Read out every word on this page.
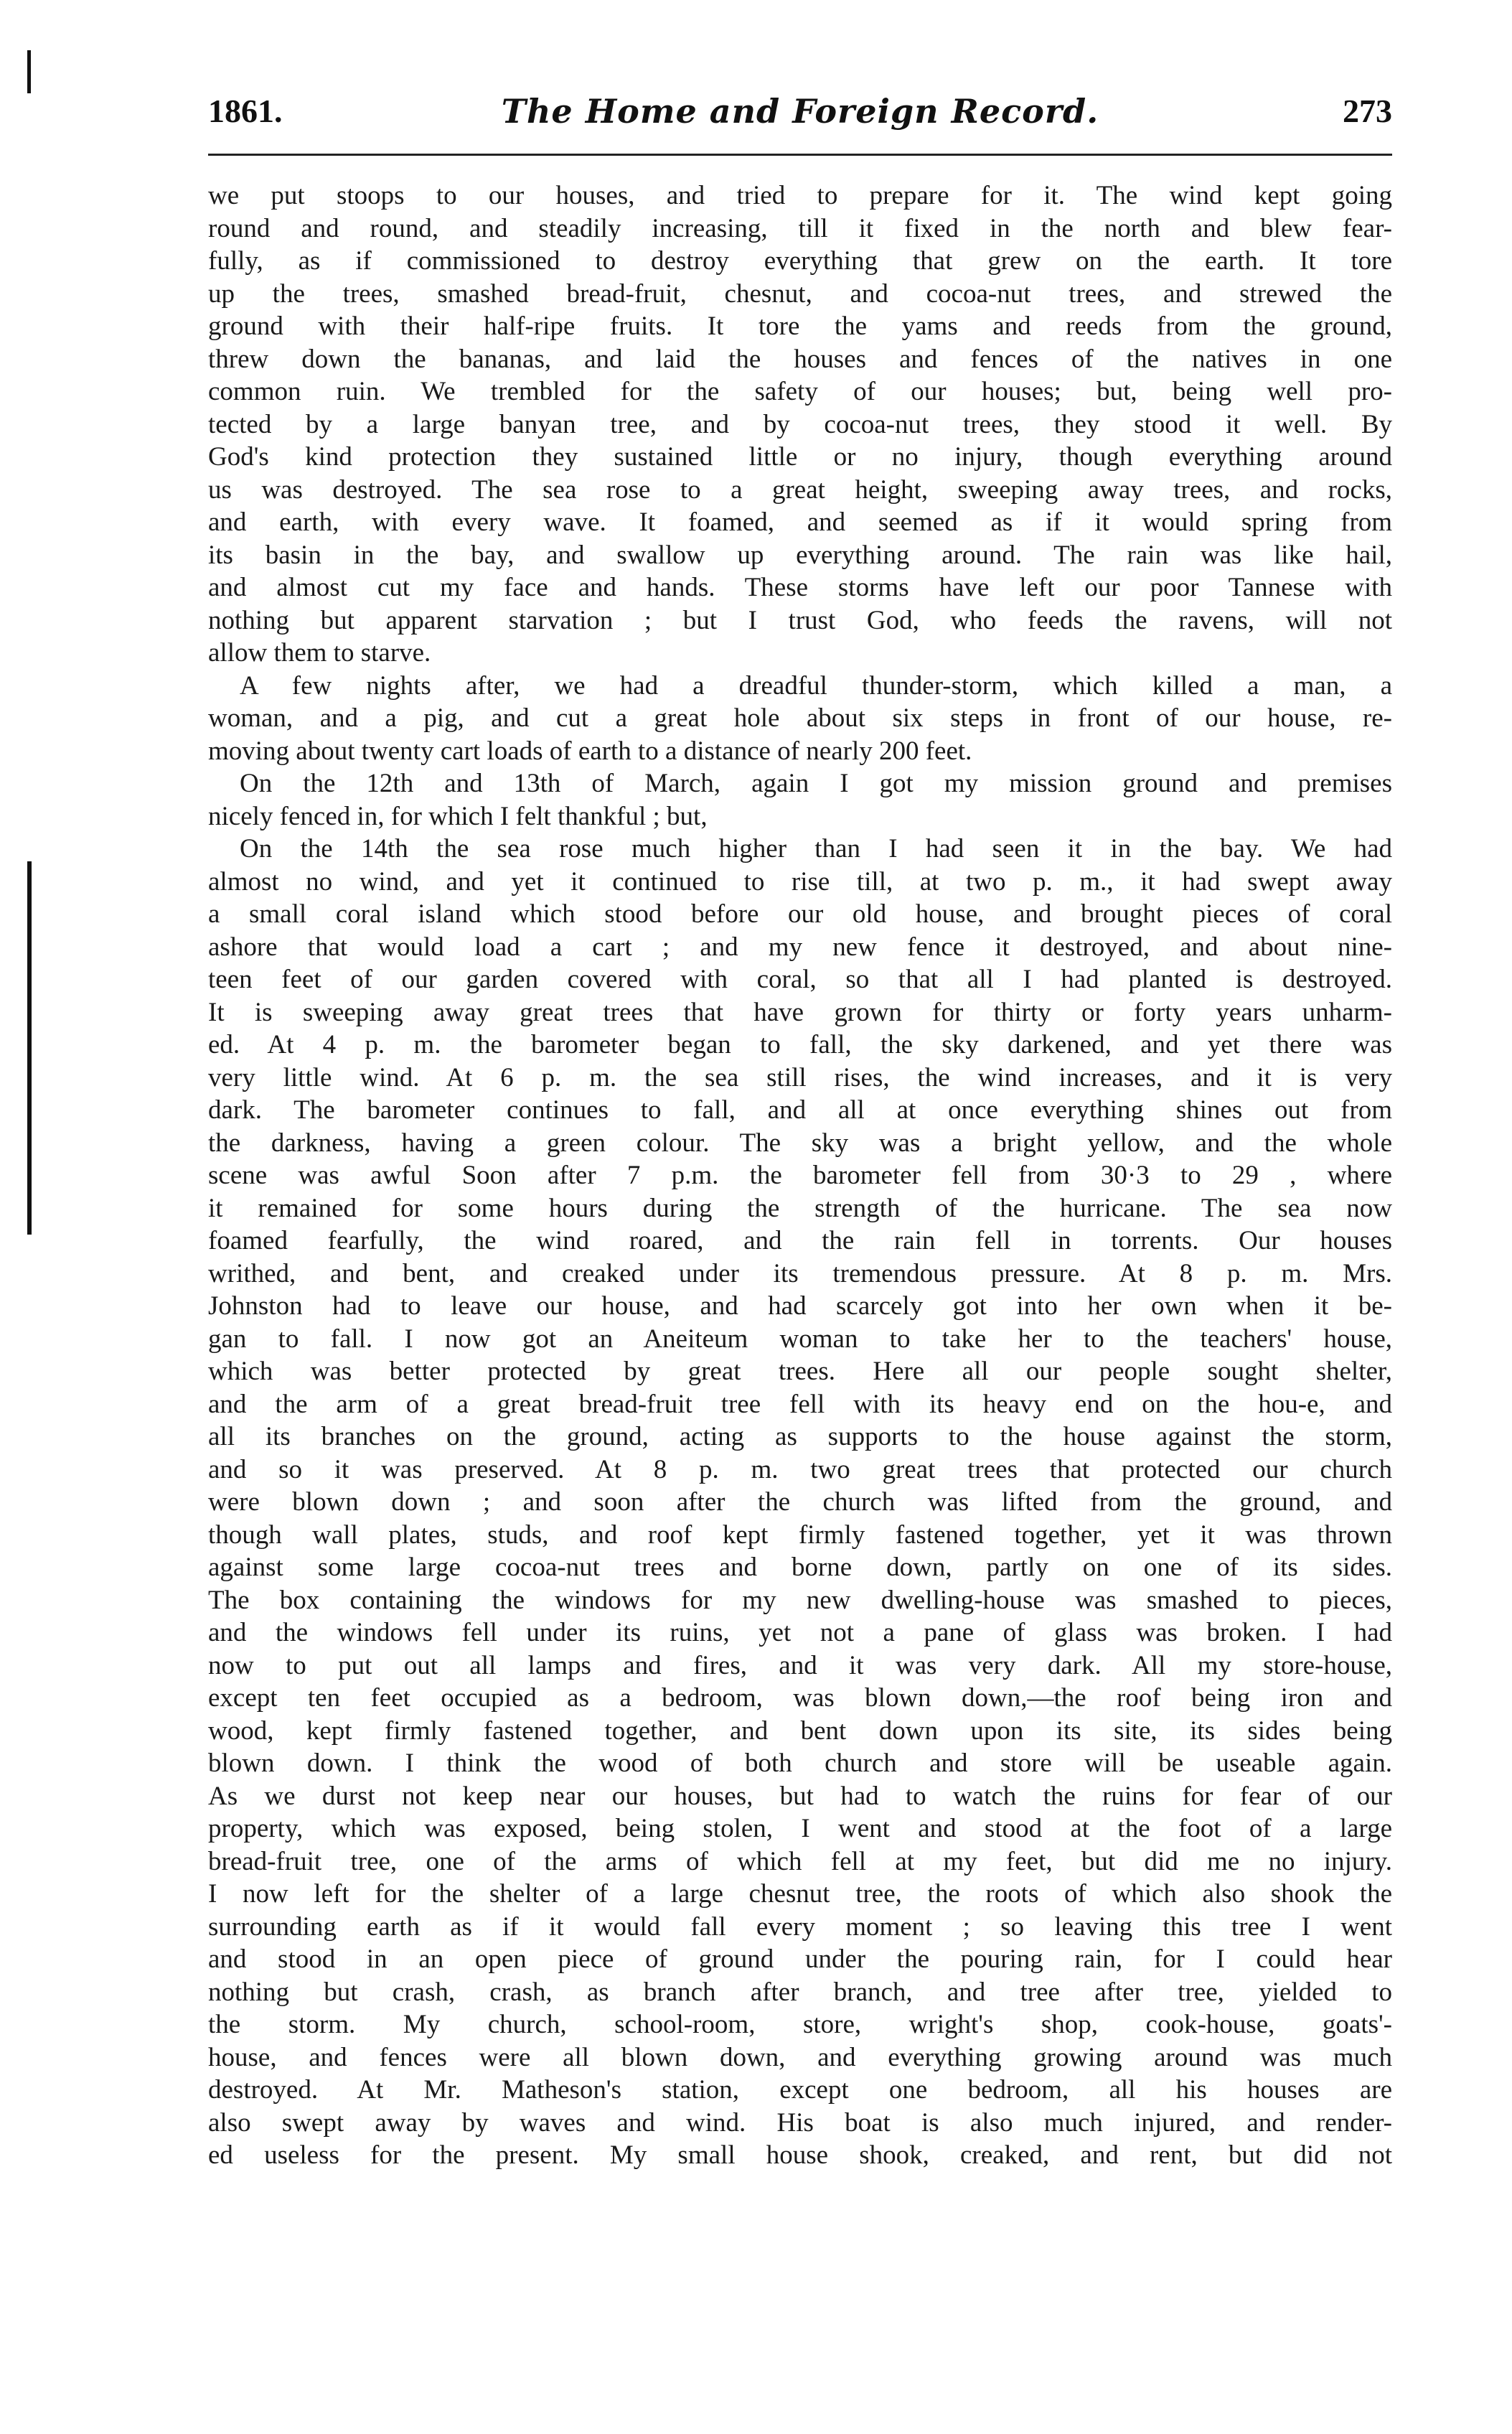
1861.	The Home and Foreign Record.	273
we put stoops to our houses, and tried to prepare for it. The wind kept going
round and round, and steadily increasing, till it fixed in the north and blew fear-
fully, as if commissioned to destroy everything that grew on the earth. It tore
up the trees, smashed bread-fruit, chesnut, and cocoa-nut trees, and strewed the
ground with their half-ripe fruits. It tore the yams and reeds from the ground,
threw down the bananas, and laid the houses and fences of the natives in one
common ruin. We trembled for the safety of our houses; but, being well pro-
tected by a large banyan tree, and by cocoa-nut trees, they stood it well. By
God's kind protection they sustained little or no injury, though everything around
us was destroyed. The sea rose to a great height, sweeping away trees, and rocks,
and earth, with every wave. It foamed, and seemed as if it would spring from
its basin in the bay, and swallow up everything around. The rain was like hail,
and almost cut my face and hands. These storms have left our poor Tannese with
nothing but apparent starvation ; but I trust God, who feeds the ravens, will not
allow them to starve.
A few nights after, we had a dreadful thunder-storm, which killed a man, a
woman, and a pig, and cut a great hole about six steps in front of our house, re-
moving about twenty cart loads of earth to a distance of nearly 200 feet.
On the 12th and 13th of March, again I got my mission ground and premises
nicely fenced in, for which I felt thankful ; but,
On the 14th the sea rose much higher than I had seen it in the bay. We had
almost no wind, and yet it continued to rise till, at two p. m., it had swept away
a small coral island which stood before our old house, and brought pieces of coral
ashore that would load a cart ; and my new fence it destroyed, and about nine-
teen feet of our garden covered with coral, so that all I had planted is destroyed.
It is sweeping away great trees that have grown for thirty or forty years unharm-
ed. At 4 p. m. the barometer began to fall, the sky darkened, and yet there was
very little wind. At 6 p. m. the sea still rises, the wind increases, and it is very
dark. The barometer continues to fall, and all at once everything shines out from
the darkness, having a green colour. The sky was a bright yellow, and the whole
scene was awful Soon after 7 p.m. the barometer fell from 30·3 to 29 , where
it remained for some hours during the strength of the hurricane. The sea now
foamed fearfully, the wind roared, and the rain fell in torrents. Our houses
writhed, and bent, and creaked under its tremendous pressure. At 8 p. m. Mrs.
Johnston had to leave our house, and had scarcely got into her own when it be-
gan to fall. I now got an Aneiteum woman to take her to the teachers' house,
which was better protected by great trees. Here all our people sought shelter,
and the arm of a great bread-fruit tree fell with its heavy end on the hou-e, and
all its branches on the ground, acting as supports to the house against the storm,
and so it was preserved. At 8 p. m. two great trees that protected our church
were blown down ; and soon after the church was lifted from the ground, and
though wall plates, studs, and roof kept firmly fastened together, yet it was thrown
against some large cocoa-nut trees and borne down, partly on one of its sides.
The box containing the windows for my new dwelling-house was smashed to pieces,
and the windows fell under its ruins, yet not a pane of glass was broken. I had
now to put out all lamps and fires, and it was very dark. All my store-house,
except ten feet occupied as a bedroom, was blown down,—the roof being iron and
wood, kept firmly fastened together, and bent down upon its site, its sides being
blown down. I think the wood of both church and store will be useable again.
As we durst not keep near our houses, but had to watch the ruins for fear of our
property, which was exposed, being stolen, I went and stood at the foot of a large
bread-fruit tree, one of the arms of which fell at my feet, but did me no injury.
I now left for the shelter of a large chesnut tree, the roots of which also shook the
surrounding earth as if it would fall every moment ; so leaving this tree I went
and stood in an open piece of ground under the pouring rain, for I could hear
nothing but crash, crash, as branch after branch, and tree after tree, yielded to
the storm. My church, school-room, store, wright's shop, cook-house, goats'-
house, and fences were all blown down, and everything growing around was much
destroyed. At Mr. Matheson's station, except one bedroom, all his houses are
also swept away by waves and wind. His boat is also much injured, and render-
ed useless for the present. My small house shook, creaked, and rent, but did not
